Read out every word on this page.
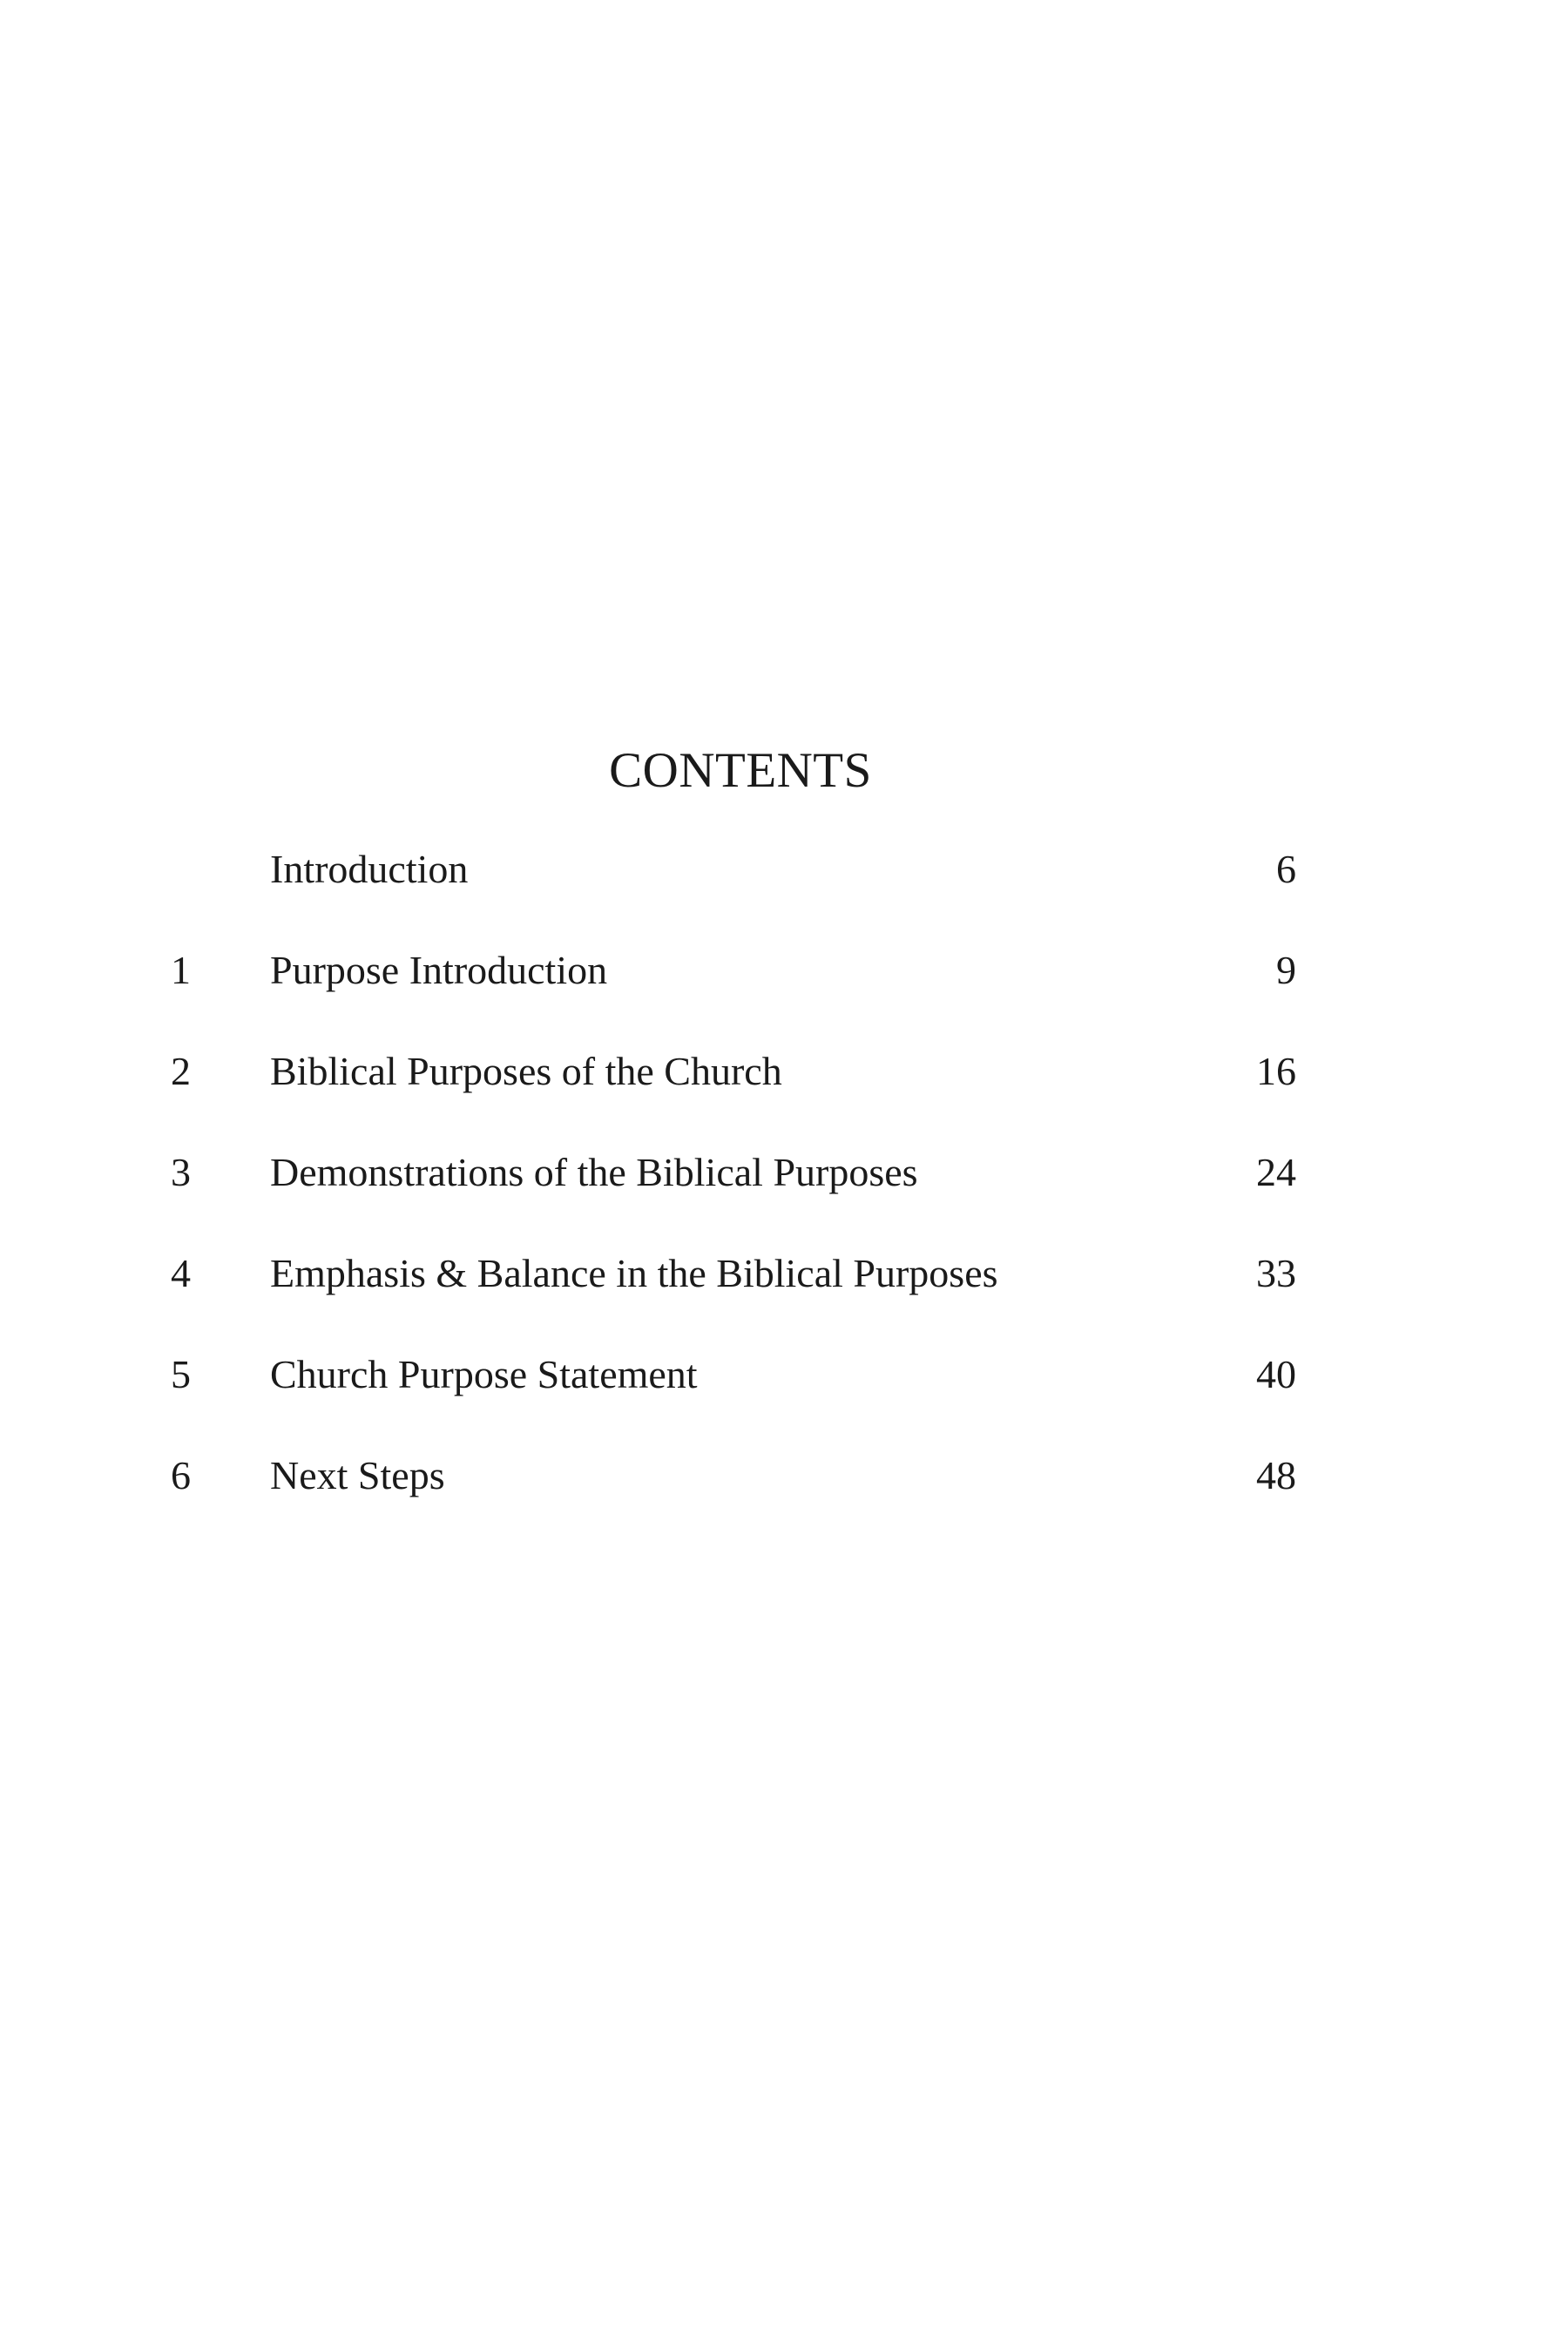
CONTENTS
Introduction	6
1 Purpose Introduction	9
2 Biblical Purposes of the Church	16
3 Demonstrations of the Biblical Purposes	24
4 Emphasis & Balance in the Biblical Purposes	33
5 Church Purpose Statement	40
6 Next Steps	48
